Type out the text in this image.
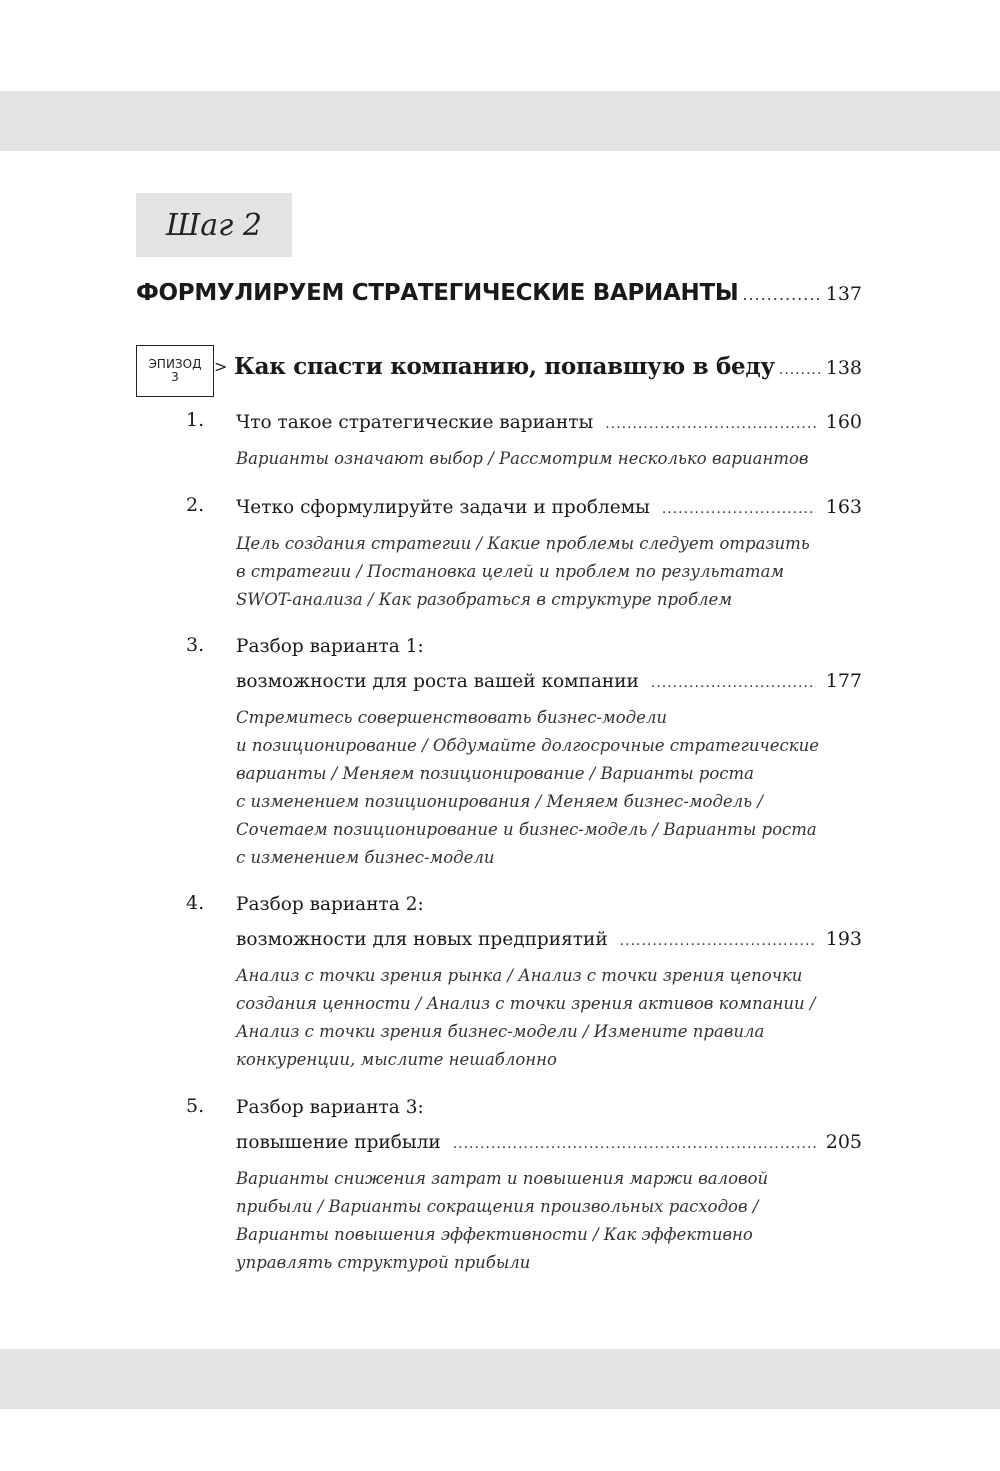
Шаг 2
ФОРМУЛИРУЕМ СТРАТЕГИЧЕСКИЕ ВАРИАНТЫ .....	137
ЭПИЗОД
3
> Как спасти компанию, попавшую в беду .....	138
1. Что такое стратегические варианты .....	160
Варианты означают выбор / Рассмотрим несколько вариантов
2. Четко сформулируйте задачи и проблемы .....	163
Цель создания стратегии / Какие проблемы следует отразить
в стратегии / Постановка целей и проблем по результатам
SWOT-анализа / Как разобраться в структуре проблем
3. Разбор варианта 1:
возможности для роста вашей компании .....	177
Стремитесь совершенствовать бизнес-модели
и позиционирование / Обдумайте долгосрочные стратегические
варианты / Меняем позиционирование / Варианты роста
с изменением позиционирования / Меняем бизнес-модель /
Сочетаем позиционирование и бизнес-модель / Варианты роста
с изменением бизнес-модели
4. Разбор варианта 2:
возможности для новых предприятий .....	193
Анализ с точки зрения рынка / Анализ с точки зрения цепочки
создания ценности / Анализ с точки зрения активов компании /
Анализ с точки зрения бизнес-модели / Измените правила
конкуренции, мыслите нешаблонно
5. Разбор варианта 3:
повышение прибыли .....	205
Варианты снижения затрат и повышения маржи валовой
прибыли / Варианты сокращения произвольных расходов /
Варианты повышения эффективности / Как эффективно
управлять структурой прибыли
